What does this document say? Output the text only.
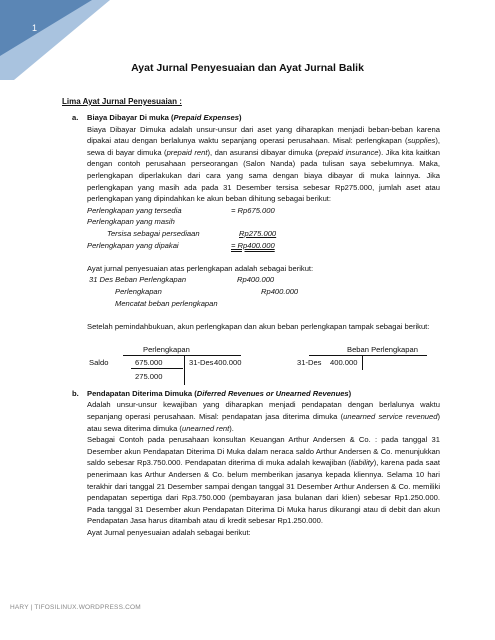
1
Ayat Jurnal Penyesuaian dan Ayat Jurnal Balik
Lima Ayat Jurnal Penyesuaian :
a. Biaya Dibayar Di muka (Prepaid Expenses)
Biaya Dibayar Dimuka adalah unsur-unsur dari aset yang diharapkan menjadi beban-beban karena dipakai atau dengan berlalunya waktu sepanjang operasi perusahaan. Misal: perlengkapan (supplies), sewa di bayar dimuka (prepaid rent), dan asuransi dibayar dimuka (prepaid insurance). Jika kita kaitkan dengan contoh perusahaan perseorangan (Salon Nanda) pada tulisan saya sebelumnya. Maka, perlengkapan diperlakukan dari cara yang sama dengan biaya dibayar di muka lainnya. Jika perlengkapan yang masih ada pada 31 Desember tersisa sebesar Rp275.000, jumlah aset atau perlengkapan yang dipindahkan ke akun beban dihitung sebagai berikut:
Perlengkapan yang tersedia	= Rp675.000
Perlengkapan yang masih
Tersisa sebagai persediaan	Rp275.000
Perlengkapan yang dipakai	= Rp400.000
Ayat jurnal penyesuaian atas perlengkapan adalah sebagai berikut:
31 Des Beban Perlengkapan	Rp400.000
Perlengkapan	Rp400.000
Mencatat beban perlengkapan
Setelah pemindahbukuan, akun perlengkapan dan akun beban perlengkapan tampak sebagai berikut:
Perlengkapan
Saldo	675.000	31-Des 400.000
275.000
Beban Perlengkapan
31-Des 400.000
b. Pendapatan Diterima Dimuka (Diferred Revenues or Unearned Revenues)
Adalah unsur-unsur kewajiban yang diharapkan menjadi pendapatan dengan berlalunya waktu sepanjang operasi perusahaan. Misal: pendapatan jasa diterima dimuka (unearned service revenued) atau sewa diterima dimuka (unearned rent).
Sebagai Contoh pada perusahaan konsultan Keuangan Arthur Andersen & Co. : pada tanggal 31 Desember akun Pendapatan Diterima Di Muka dalam neraca saldo Arthur Andersen & Co. menunjukkan saldo sebesar Rp3.750.000. Pendapatan diterima di muka adalah kewajiban (liability), karena pada saat penerimaan kas Arthur Andersen & Co. belum memberikan jasanya kepada kliennya. Selama 10 hari terakhir dari tanggal 21 Desember sampai dengan tanggal 31 Desember Arthur Andersen & Co. memiliki pendapatan sepertiga dari Rp3.750.000 (pembayaran jasa bulanan dari klien) sebesar Rp1.250.000. Pada tanggal 31 Desember akun Pendapatan Diterima Di Muka harus dikurangi atau di debit dan akun Pendapatan Jasa harus ditambah atau di kredit sebesar Rp1.250.000.
Ayat Jurnal penyesuaian adalah sebagai berikut:
HARY | TIFOSILINUX.WORDPRESS.COM
